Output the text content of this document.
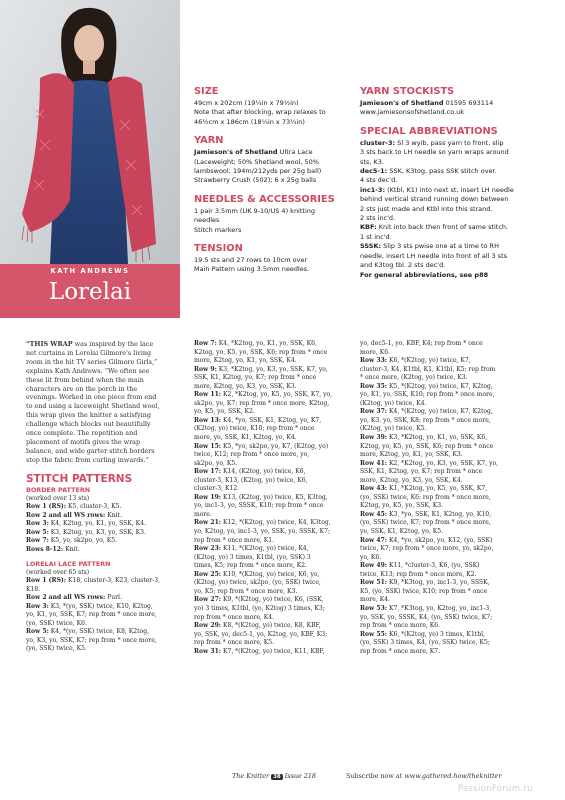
KATH ANDREWS
Lorelai
SIZE
49cm x 202cm (19¼in x 79½in)
Note that after blocking, wrap relaxes to
46½cm x 186cm (18¼in x 73¼in)
YARN
Jamieson's of Shetland Ultra Lace
(Laceweight; 50% Shetland wool, 50%
lambswool; 194m/212yds per 25g ball)
Strawberry Crush (502); 6 x 25g balls
NEEDLES & ACCESSORIES
1 pair 3.5mm (UK 9-10/US 4) knitting needles
Stitch markers
TENSION
19.5 sts and 27 rows to 10cm over
Main Pattern using 3.5mm needles.
YARN STOCKISTS
Jamieson's of Shetland 01595 693114
www.jamiesonsofshetland.co.uk
SPECIAL ABBREVIATIONS
cluster-3: Sl 3 wyib, pass yarn to front, slip
3 sts back to LH needle so yarn wraps around
sts, K3.
dec5-1: SSK, K3tog, pass SSK stitch over.
4 sts dec'd.
inc1-3: (Ktbl, K1) into next st, insert LH needle
behind vertical strand running down between
2 sts just made and Ktbl into this strand.
2 sts inc'd.
KBF: Knit into back then front of same stitch.
1 st inc'd.
SSSK: Slip 3 sts pwise one at a time to RH
needle, insert LH needle into front of all 3 sts
and K3tog tbl. 2 sts dec'd.
For general abbreviations, see p88
“THIS WRAP was inspired by the lace
net curtains in Lorelai Gilmore's living
room in the hit TV series Gilmore Girls,”
explains Kath Andrews. “We often see
these lit from behind when the main
characters are on the porch in the
evenings. Worked in one piece from end
to end using a laceweight Shetland wool,
this wrap gives the knitter a satisfying
challenge which blocks out beautifully
once complete. The repetition and
placement of motifs gives the wrap
balance, and wide garter stitch borders
stop the fabric from curling inwards.”
STITCH PATTERNS
BORDER PATTERN
(worked over 13 sts)
Row 1 (RS): K5, cluster-3, K5.
Row 2 and all WS rows: Knit.
Row 3: K4, K2tog, yo, K1, yo, SSK, K4.
Row 5: K3, K2tog, yo, K3, yo, SSK, K3.
Row 7: K5, yo, sk2po, yo, K5.
Rows 8-12: Knit.
LORELAI LACE PATTERN
(worked over 65 sts)
Row 1 (RS): K18, cluster-3, K23, cluster-3,
K18.
Row 2 and all WS rows: Purl.
Row 3: K3, *(yo, SSK) twice, K10, K2tog,
yo, K1, yo, SSK, K7; rep from * once more,
(yo, SSK) twice, K6.
Row 5: K4, *(yo, SSK) twice, K8, K2tog,
yo, K3, yo, SSK, K7; rep from * once more,
(yo, SSK) twice, K5.
Row 7: K4, *K2tog, yo, K1, yo, SSK, K6,
K2tog, yo, K5, yo, SSK, K6; rep from * once
more, K2tog, yo, K1, yo, SSK, K4.
Row 9: K3, *K2tog, yo, K3, yo, SSK, K7, yo,
SSK, K1, K2tog, yo, K7; rep from * once
more, K2tog, yo, K3, yo, SSK, K3.
Row 11: K2, *K2tog, yo, K5, yo, SSK, K7, yo,
sk2po, yo, K7; rep from * once more, K2tog,
yo, K5, yo, SSK, K2.
Row 13: K4, *yo, SSK, K1, K2tog, yo, K7,
(K2tog, yo) twice, K10; rep from * once
more, yo, SSK, K1, K2tog, yo, K4.
Row 15: K5, *yo, sk2po, yo, K7, (K2tog, yo)
twice, K12; rep from * once more, yo,
sk2po, yo, K5.
Row 17: K14, (K2tog, yo) twice, K6,
cluster-3, K13, (K2tog, yo) twice, K6,
cluster-3, K12.
Row 19: K13, (K2tog, yo) twice, K5, K3tog,
yo, inc1-3, yo, SSSK, K10; rep from * once
more.
Row 21: K12, *(K2tog, yo) twice, K4, K3tog,
yo, K2tog, yo, inc1-3, yo, SSK, yo, SSSK, K7;
rep from * once more, K1.
Row 23: K11, *(K2tog, yo) twice, K4,
(K2tog, yo) 3 times, K1tbl, (yo, SSK) 3
times, K5; rep from * once more, K2.
Row 25: K10, *(K2tog, yo) twice, K6, yo,
(K2tog, yo) twice, sk2po, (yo, SSK) twice,
yo, K5; rep from * once more, K3.
Row 27: K9, *(K2tog, yo) twice, K6, (SSK,
yo) 3 times, K1tbl, (yo, K2tog) 3 times, K3;
rep from * once more, K4.
Row 29: K8, *(K2tog, yo) twice, K8, KBF,
yo, SSK, yo, dec5-1, yo, K2tog, yo, KBF, K3;
rep from * once more, K5.
Row 31: K7, *(K2tog, yo) twice, K11, KBF,
yo, dec5-1, yo, KBF, K4; rep from * once
more, K6.
Row 33: K6, *(K2tog, yo) twice, K7,
cluster-3, K4, K1tbl, K1, K1tbl, K5; rep from
* once more, (K2tog, yo) twice, K3.
Row 35: K5, *(K2tog, yo) twice, K7, K2tog,
yo, K1, yo, SSK, K10; rep from * once more,
(K2tog, yo) twice, K4.
Row 37: K4, *(K2tog, yo) twice, K7, K2tog,
yo, K3, yo, SSK, K8; rep from * once more,
(K2tog, yo) twice, K5.
Row 39: K3, *K2tog, yo, K1, yo, SSK, K6,
K2tog, yo, K5, yo, SSK, K6; rep from * once
more, K2tog, yo, K1, yo, SSK, K3.
Row 41: K2, *K2tog, yo, K3, yo, SSK, K7, yo,
SSK, K1, K2tog, yo, K7; rep from * once
more, K2tog, yo, K3, yo, SSK, K4.
Row 43: K1, *K2tog, yo, K5, yo, SSK, K7,
(yo, SSK) twice, K6; rep from * once more,
K2tog, yo, K5, yo, SSK, K3.
Row 45: K3, *yo, SSK, K1, K2tog, yo, K10,
(yo, SSK) twice, K7; rep from * once more,
yo, SSK, K1, K2tog, yo, K5.
Row 47: K4, *yo, sk2po, yo, K12, (yo, SSK)
twice, K7; rep from * once more, yo, sk2po,
yo, K6.
Row 49: K11, *cluster-3, K6, (yo, SSK)
twice, K13; rep from * once more, K2.
Row 51: K9, *K3tog, yo, inc1-3, yo, SSSK,
K5, (yo, SSK) twice, K10; rep from * once
more, K4.
Row 53: K7, *K3tog, yo, K2tog, yo, inc1-3,
yo, SSK, yo, SSSK, K4, (yo, SSK) twice, K7;
rep from * once more, K6.
Row 55: K6, *(K2tog, yo) 3 times, K1tbl,
(yo, SSK) 3 times, K4, (yo, SSK) twice, K5;
rep from * once more, K7.
The Knitter 38 Issue 218	Subscribe now at www.gathered.how/theknitter
PassionForum.ru
